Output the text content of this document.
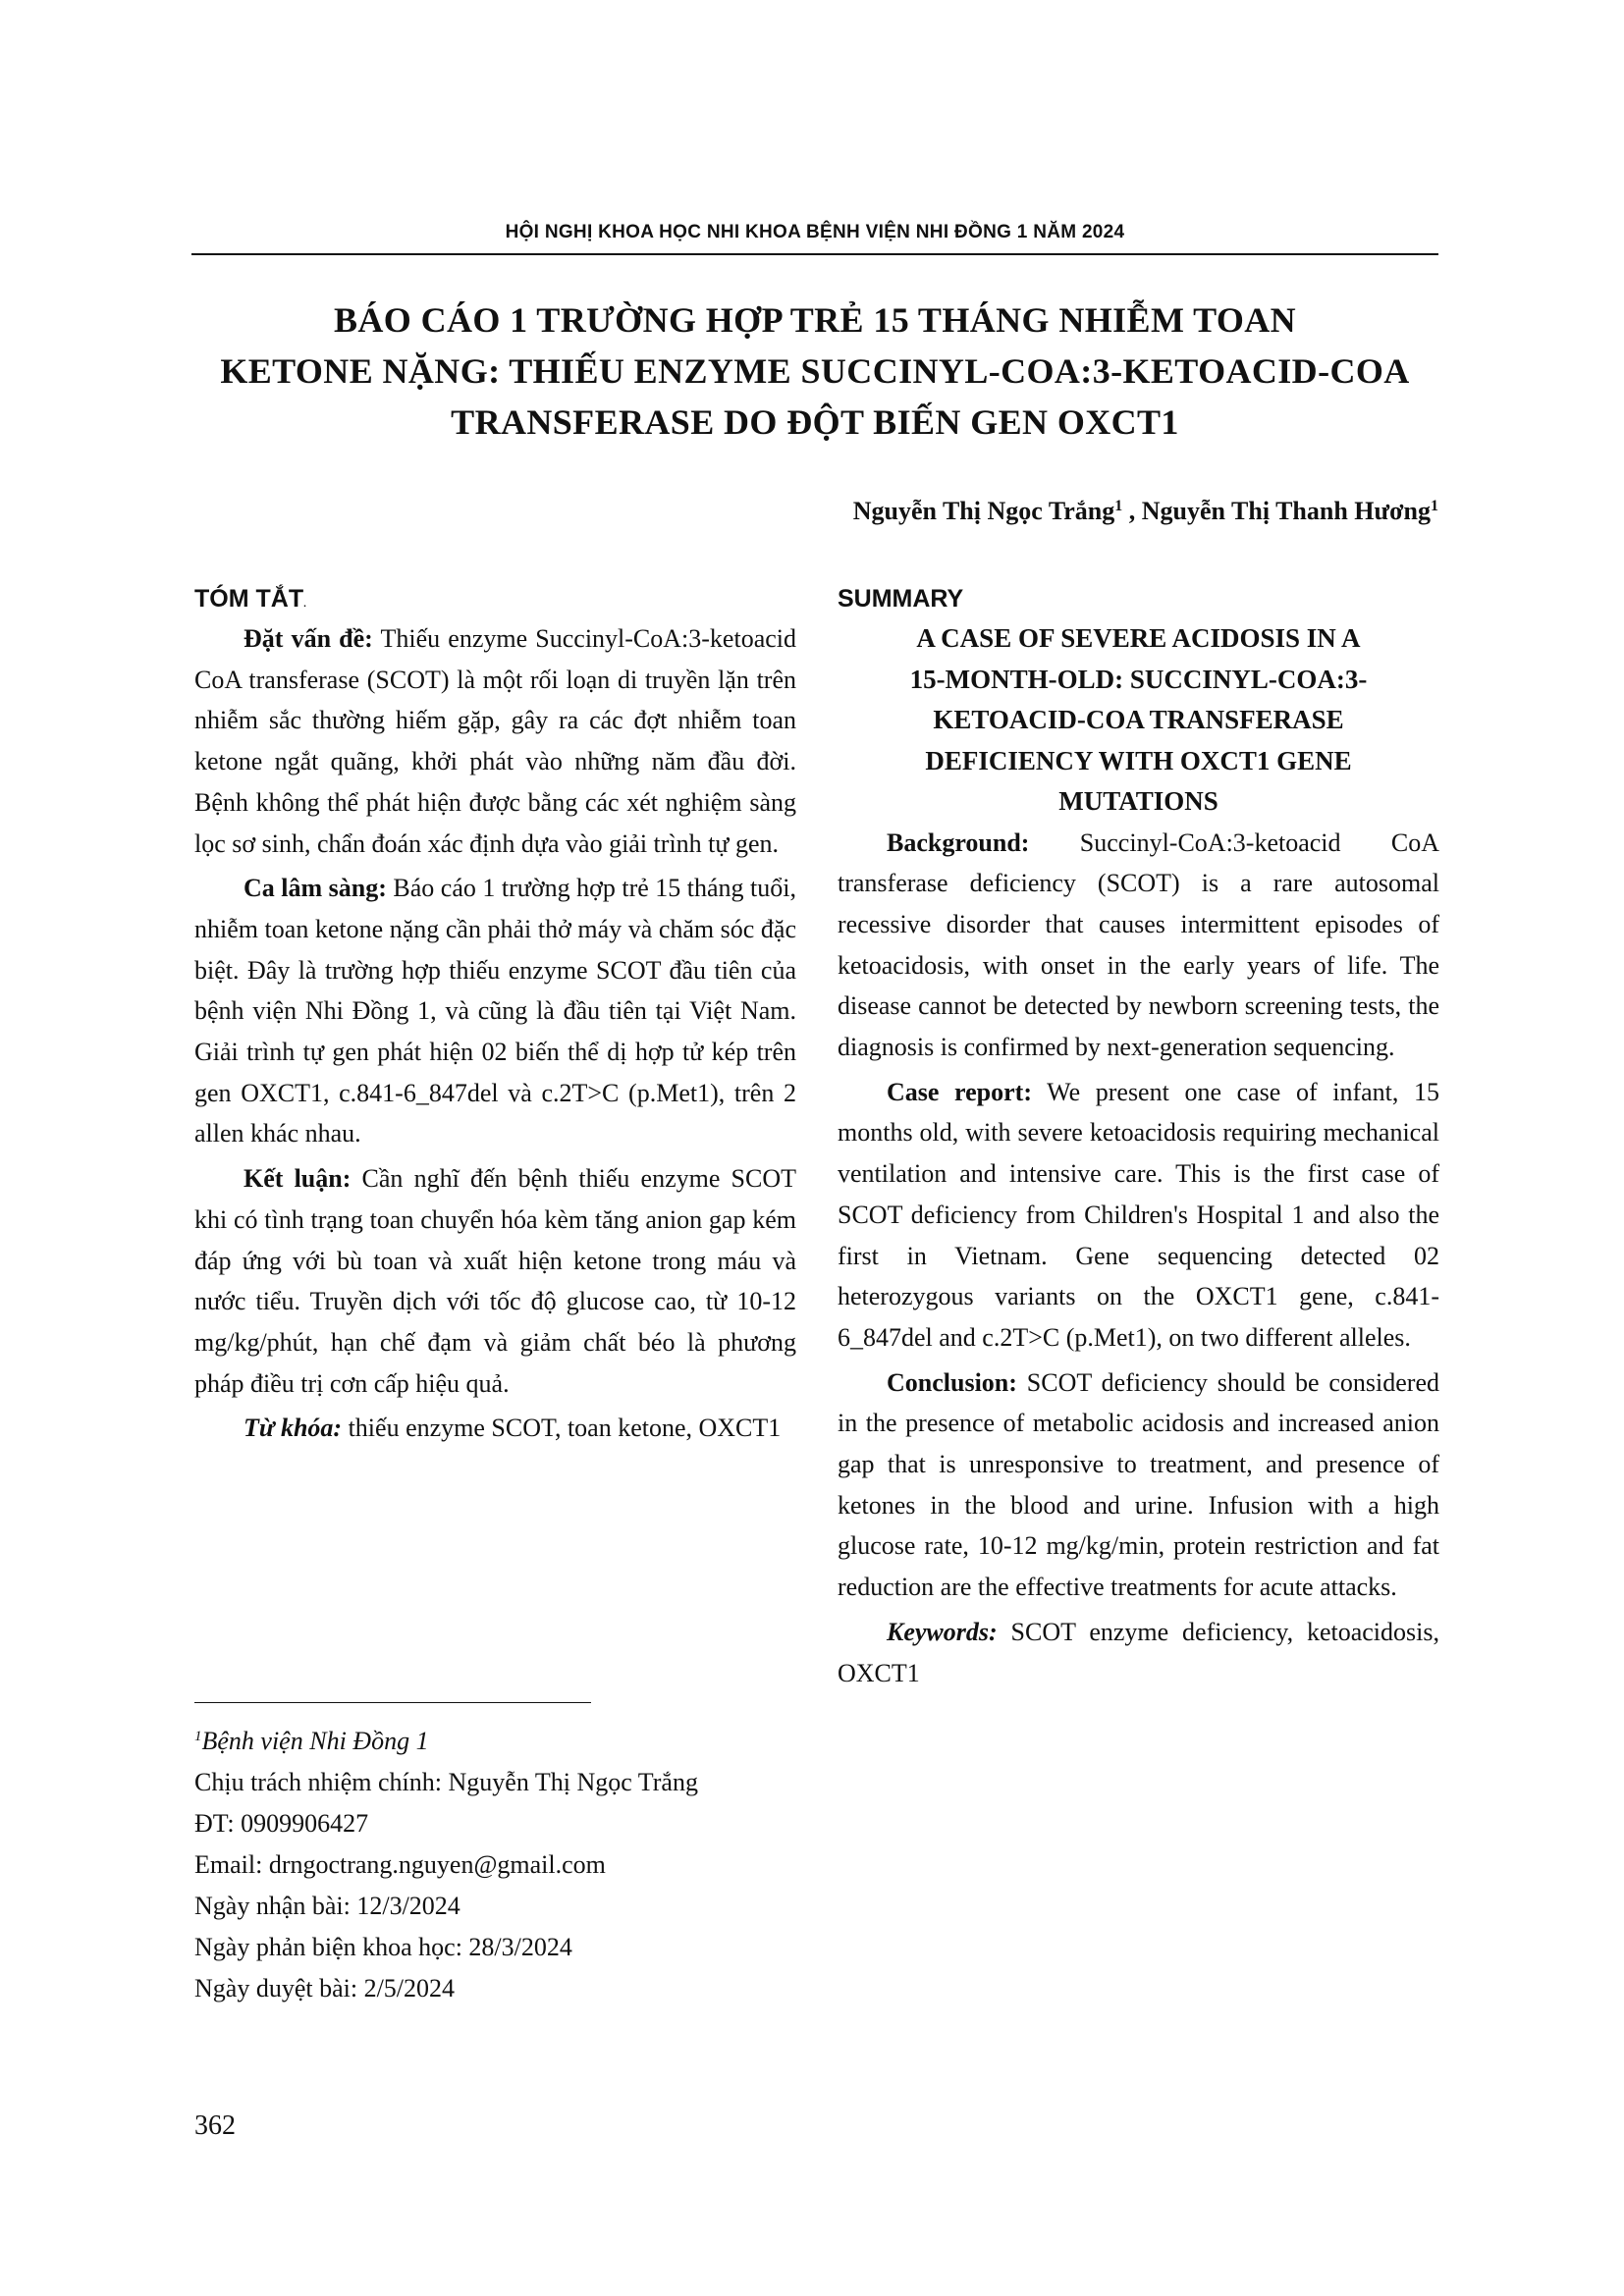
HỘI NGHỊ KHOA HỌC NHI KHOA BỆNH VIỆN NHI ĐỒNG 1 NĂM 2024
BÁO CÁO 1 TRƯỜNG HỢP TRẺ 15 THÁNG NHIỄM TOAN
KETONE NẶNG: THIẾU ENZYME SUCCINYL-COA:3-KETOACID-COA
TRANSFERASE DO ĐỘT BIẾN GEN OXCT1
Nguyễn Thị Ngọc Trắng$^1$ , Nguyễn Thị Thanh Hương$^1$
TÓM TẮT.

Đặt vấn đề: Thiếu enzyme Succinyl-CoA:3-ketoacid CoA transferase (SCOT) là một rối loạn di truyền lặn trên nhiễm sắc thường hiếm gặp, gây ra các đợt nhiễm toan ketone ngắt quãng, khởi phát vào những năm đầu đời. Bệnh không thể phát hiện được bằng các xét nghiệm sàng lọc sơ sinh, chẩn đoán xác định dựa vào giải trình tự gen.

Ca lâm sàng: Báo cáo 1 trường hợp trẻ 15 tháng tuổi, nhiễm toan ketone nặng cần phải thở máy và chăm sóc đặc biệt. Đây là trường hợp thiếu enzyme SCOT đầu tiên của bệnh viện Nhi Đồng 1, và cũng là đầu tiên tại Việt Nam. Giải trình tự gen phát hiện 02 biến thể dị hợp tử kép trên gen OXCT1, c.841-6_847del và c.2T>C (p.Met1), trên 2 allen khác nhau.

Kết luận: Cần nghĩ đến bệnh thiếu enzyme SCOT khi có tình trạng toan chuyển hóa kèm tăng anion gap kém đáp ứng với bù toan và xuất hiện ketone trong máu và nước tiểu. Truyền dịch với tốc độ glucose cao, từ 10-12 mg/kg/phút, hạn chế đạm và giảm chất béo là phương pháp điều trị cơn cấp hiệu quả.

Từ khóa: thiếu enzyme SCOT, toan ketone, OXCT1

SUMMARY
A CASE OF SEVERE ACIDOSIS IN A
15-MONTH-OLD: SUCCINYL-COA:3-
KETOACID-COA TRANSFERASE
DEFICIENCY WITH OXCT1 GENE
MUTATIONS

Background: Succinyl-CoA:3-ketoacid CoA transferase deficiency (SCOT) is a rare autosomal recessive disorder that causes intermittent episodes of ketoacidosis, with onset in the early years of life. The disease cannot be detected by newborn screening tests, the diagnosis is confirmed by next-generation sequencing.

Case report: We present one case of infant, 15 months old, with severe ketoacidosis requiring mechanical ventilation and intensive care. This is the first case of SCOT deficiency from Children's Hospital 1 and also the first in Vietnam. Gene sequencing detected 02 heterozygous variants on the OXCT1 gene, c.841-6_847del and c.2T>C (p.Met1), on two different alleles.

Conclusion: SCOT deficiency should be considered in the presence of metabolic acidosis and increased anion gap that is unresponsive to treatment, and presence of ketones in the blood and urine. Infusion with a high glucose rate, 10-12 mg/kg/min, protein restriction and fat reduction are the effective treatments for acute attacks.

Keywords: SCOT enzyme deficiency, ketoacidosis, OXCT1

$^1$Bệnh viện Nhi Đồng 1
Chịu trách nhiệm chính: Nguyễn Thị Ngọc Trắng
ĐT: 0909906427
Email: drngoctrang.nguyen@gmail.com
Ngày nhận bài: 12/3/2024
Ngày phản biện khoa học: 28/3/2024
Ngày duyệt bài: 2/5/2024
362
